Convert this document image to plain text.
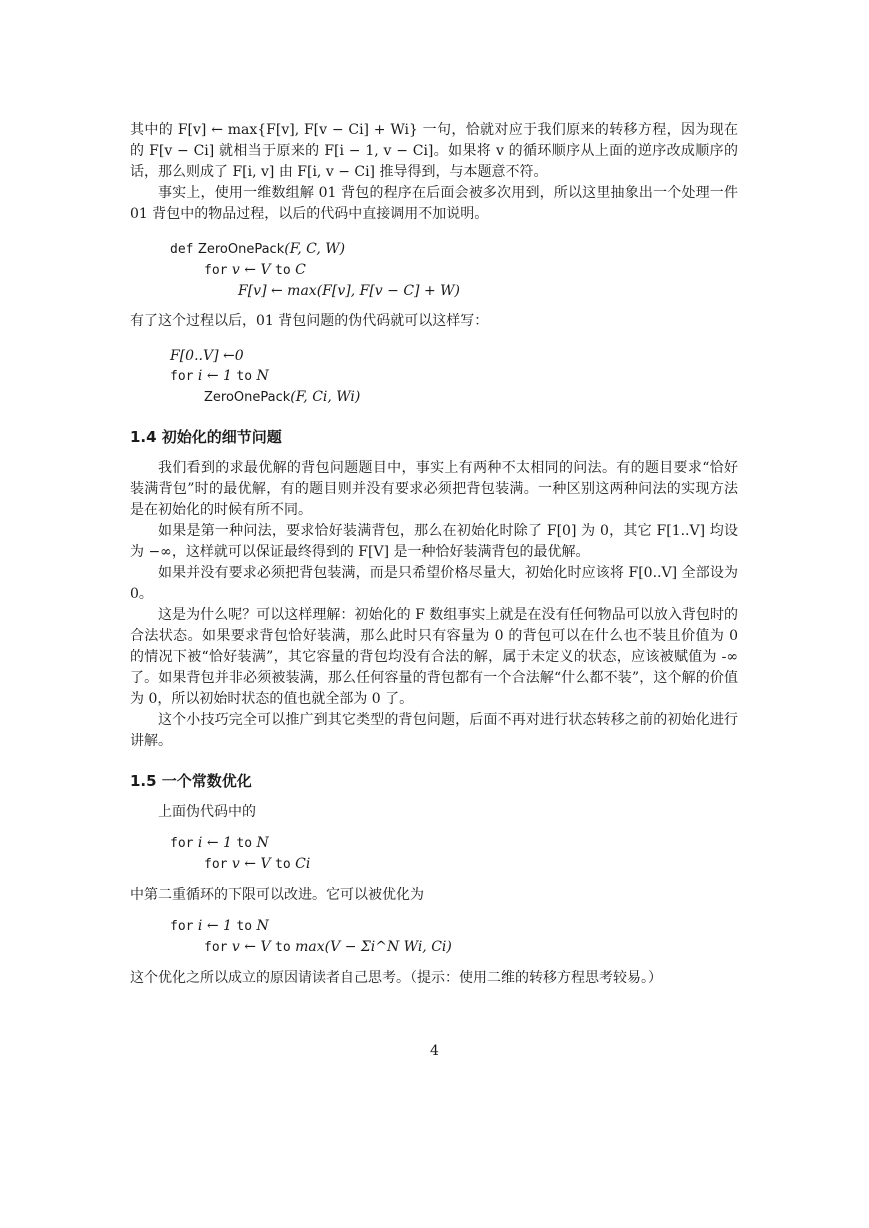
其中的 F[v] ← max{F[v], F[v − Ci] + Wi} 一句，恰就对应于我们原来的转移方程，因为现在的 F[v − Ci] 就相当于原来的 F[i − 1, v − Ci]。如果将 v 的循环顺序从上面的逆序改成顺序的话，那么则成了 F[i, v] 由 F[i, v − Ci] 推导得到，与本题意不符。

事实上，使用一维数组解 01 背包的程序在后面会被多次用到，所以这里抽象出一个处理一件 01 背包中的物品过程，以后的代码中直接调用不加说明。

def ZeroOnePack(F, C, W)
for v ← V to C
F[v] ← max(F[v], F[v − C] + W)

有了这个过程以后，01 背包问题的伪代码就可以这样写：

F[0..V] ←0
for i ← 1 to N
ZeroOnePack(F, Ci, Wi)
1.4 初始化的细节问题

我们看到的求最优解的背包问题题目中，事实上有两种不太相同的问法。有的题目要求“恰好装满背包”时的最优解，有的题目则并没有要求必须把背包装满。一种区别这两种问法的实现方法是在初始化的时候有所不同。

如果是第一种问法，要求恰好装满背包，那么在初始化时除了 F[0] 为 0，其它 F[1..V] 均设为 −∞，这样就可以保证最终得到的 F[V] 是一种恰好装满背包的最优解。

如果并没有要求必须把背包装满，而是只希望价格尽量大，初始化时应该将 F[0..V] 全部设为 0。

这是为什么呢？可以这样理解：初始化的 F 数组事实上就是在没有任何物品可以放入背包时的合法状态。如果要求背包恰好装满，那么此时只有容量为 0 的背包可以在什么也不装且价值为 0 的情况下被“恰好装满”，其它容量的背包均没有合法的解，属于未定义的状态，应该被赋值为 -∞ 了。如果背包并非必须被装满，那么任何容量的背包都有一个合法解“什么都不装”，这个解的价值为 0，所以初始时状态的值也就全部为 0 了。

这个小技巧完全可以推广到其它类型的背包问题，后面不再对进行状态转移之前的初始化进行讲解。

1.5 一个常数优化

上面伪代码中的

for i ← 1 to N
for v ← V to Ci

中第二重循环的下限可以改进。它可以被优化为

for i ← 1 to N
for v ← V to max(V − Σi^N Wi, Ci)

这个优化之所以成立的原因请读者自己思考。（提示：使用二维的转移方程思考较易。）

4
